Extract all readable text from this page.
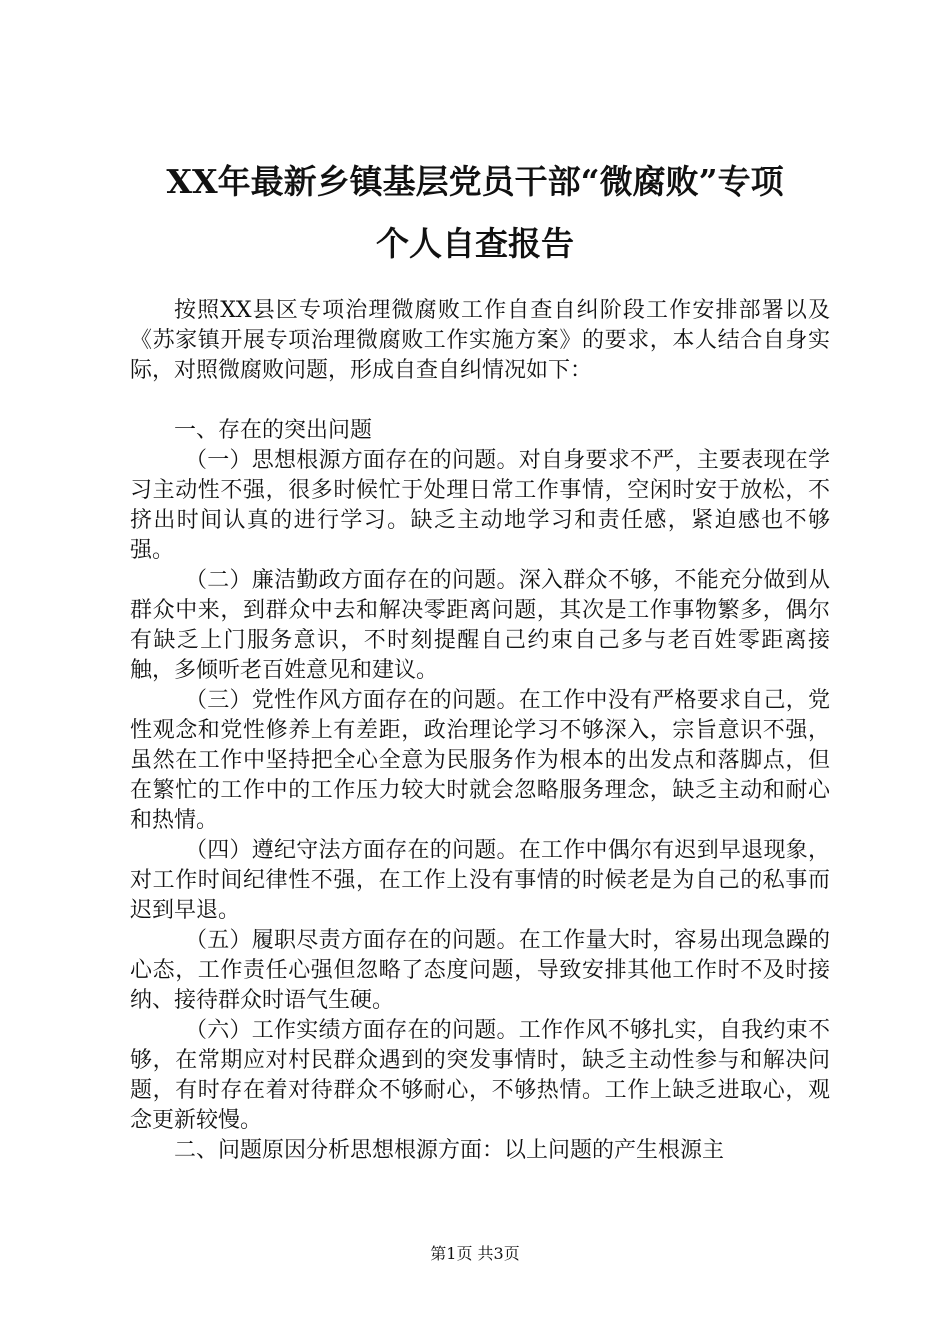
XX年最新乡镇基层党员干部“微腐败”专项
个人自查报告

按照XX县区专项治理微腐败工作自查自纠阶段工作安排部署以及《苏家镇开展专项治理微腐败工作实施方案》的要求，本人结合自身实际，对照微腐败问题，形成自查自纠情况如下：

一、存在的突出问题

（一）思想根源方面存在的问题。对自身要求不严，主要表现在学习主动性不强，很多时候忙于处理日常工作事情，空闲时安于放松，不挤出时间认真的进行学习。缺乏主动地学习和责任感，紧迫感也不够强。

（二）廉洁勤政方面存在的问题。深入群众不够，不能充分做到从群众中来，到群众中去和解决零距离问题，其次是工作事物繁多，偶尔有缺乏上门服务意识，不时刻提醒自己约束自己多与老百姓零距离接触，多倾听老百姓意见和建议。

（三）党性作风方面存在的问题。在工作中没有严格要求自己，党性观念和党性修养上有差距，政治理论学习不够深入，宗旨意识不强，虽然在工作中坚持把全心全意为民服务作为根本的出发点和落脚点，但在繁忙的工作中的工作压力较大时就会忽略服务理念，缺乏主动和耐心和热情。

（四）遵纪守法方面存在的问题。在工作中偶尔有迟到早退现象，对工作时间纪律性不强，在工作上没有事情的时候老是为自己的私事而迟到早退。

（五）履职尽责方面存在的问题。在工作量大时，容易出现急躁的心态，工作责任心强但忽略了态度问题，导致安排其他工作时不及时接纳、接待群众时语气生硬。

（六）工作实绩方面存在的问题。工作作风不够扎实，自我约束不够，在常期应对村民群众遇到的突发事情时，缺乏主动性参与和解决问题，有时存在着对待群众不够耐心，不够热情。工作上缺乏进取心，观念更新较慢。

二、问题原因分析思想根源方面：以上问题的产生根源主

第1页 共3页
